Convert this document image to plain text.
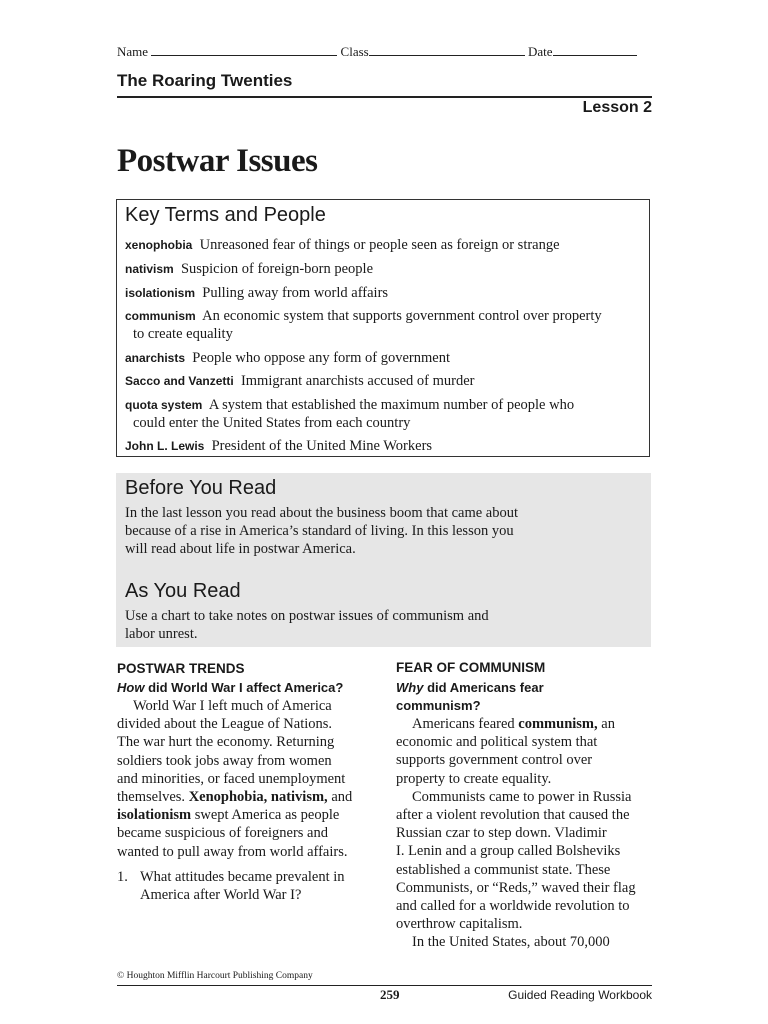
Name	Class	Date
The Roaring Twenties
Lesson 2
Postwar Issues
Key Terms and People
xenophobia Unreasoned fear of things or people seen as foreign or strange
nativism Suspicion of foreign-born people
isolationism Pulling away from world affairs
communism An economic system that supports government control over property
to create equality
anarchists People who oppose any form of government
Sacco and Vanzetti Immigrant anarchists accused of murder
quota system A system that established the maximum number of people who
could enter the United States from each country
John L. Lewis President of the United Mine Workers
Before You Read
In the last lesson you read about the business boom that came about
because of a rise in America’s standard of living. In this lesson you
will read about life in postwar America.
As You Read
Use a chart to take notes on postwar issues of communism and
labor unrest.
POSTWAR TRENDS
How did World War I affect America?
World War I left much of America
divided about the League of Nations.
The war hurt the economy. Returning
soldiers took jobs away from women
and minorities, or faced unemployment
themselves. Xenophobia, nativism, and
isolationism swept America as people
became suspicious of foreigners and
wanted to pull away from world affairs.
1. What attitudes became prevalent in
America after World War I?
FEAR OF COMMUNISM
Why did Americans fear
communism?
Americans feared communism, an
economic and political system that
supports government control over
property to create equality.
Communists came to power in Russia
after a violent revolution that caused the
Russian czar to step down. Vladimir
I. Lenin and a group called Bolsheviks
established a communist state. These
Communists, or “Reds,” waved their flag
and called for a worldwide revolution to
overthrow capitalism.
In the United States, about 70,000
© Houghton Mifflin Harcourt Publishing Company
259	Guided Reading Workbook
